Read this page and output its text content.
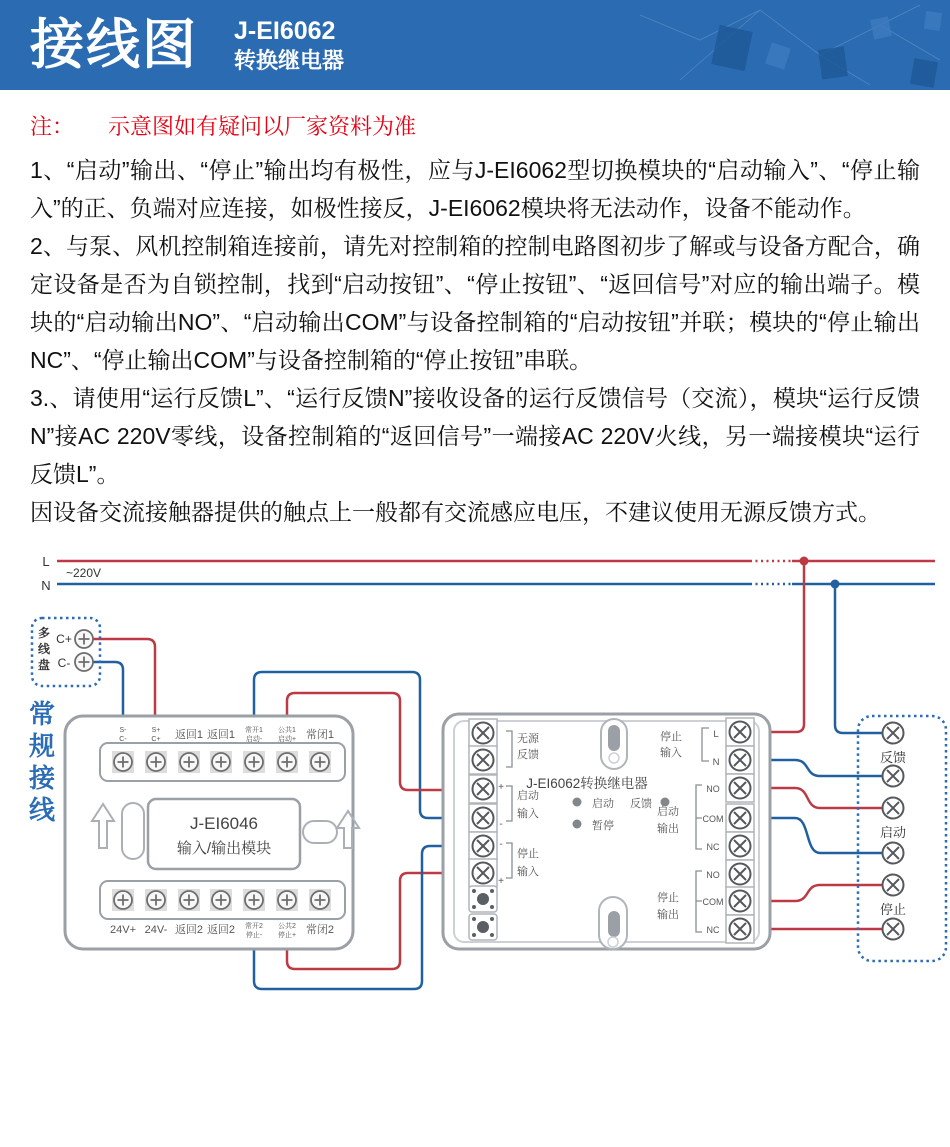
接线图 J-EI6062
转换继电器
注： 示意图如有疑问以厂家资料为准

1、“启动”输出、“停止”输出均有极性，应与J-EI6062型切换模块的“启动输入”、“停止输入”的正、负端对应连接，如极性接反，J-EI6062模块将无法动作，设备不能动作。

2、与泵、风机控制箱连接前，请先对控制箱的控制电路图初步了解或与设备方配合，确定设备是否为自锁控制，找到“启动按钮”、“停止按钮”、“返回信号”对应的输出端子。模块的“启动输出NO”、“启动输出COM”与设备控制箱的“启动按钮”并联；模块的“停止输出NC”、“停止输出COM”与设备控制箱的“停止按钮”串联。

3.、请使用“运行反馈L”、“运行反馈N”接收设备的运行反馈信号（交流），模块“运行反馈N”接AC 220V零线，设备控制箱的“返回信号”一端接AC 220V火线，另一端接模块“运行反馈L”。

因设备交流接触器提供的触点上一般都有交流感应电压，不建议使用无源反馈方式。

L
N
~220V
多
线
盘
C+
C-
常
规
接
线
S-
C-
S+
C+ 返回1 返回1 常开1
启动-
公共1
启动+ 常闭1
24V+ 24V- 返回2 返回2 常开2
停止-
公共2
停止+ 常闭2
J-EI6046
输入/输出模块
无源
反馈
+
启动
输入
-
-
停止
输入
+
J-EI6062转换继电器
启动 反馈
暂停
停止
输入
L
N
启动
输出
NO
COM
NC
停止
输出
NO
COM
NC
反馈
启动
停止
